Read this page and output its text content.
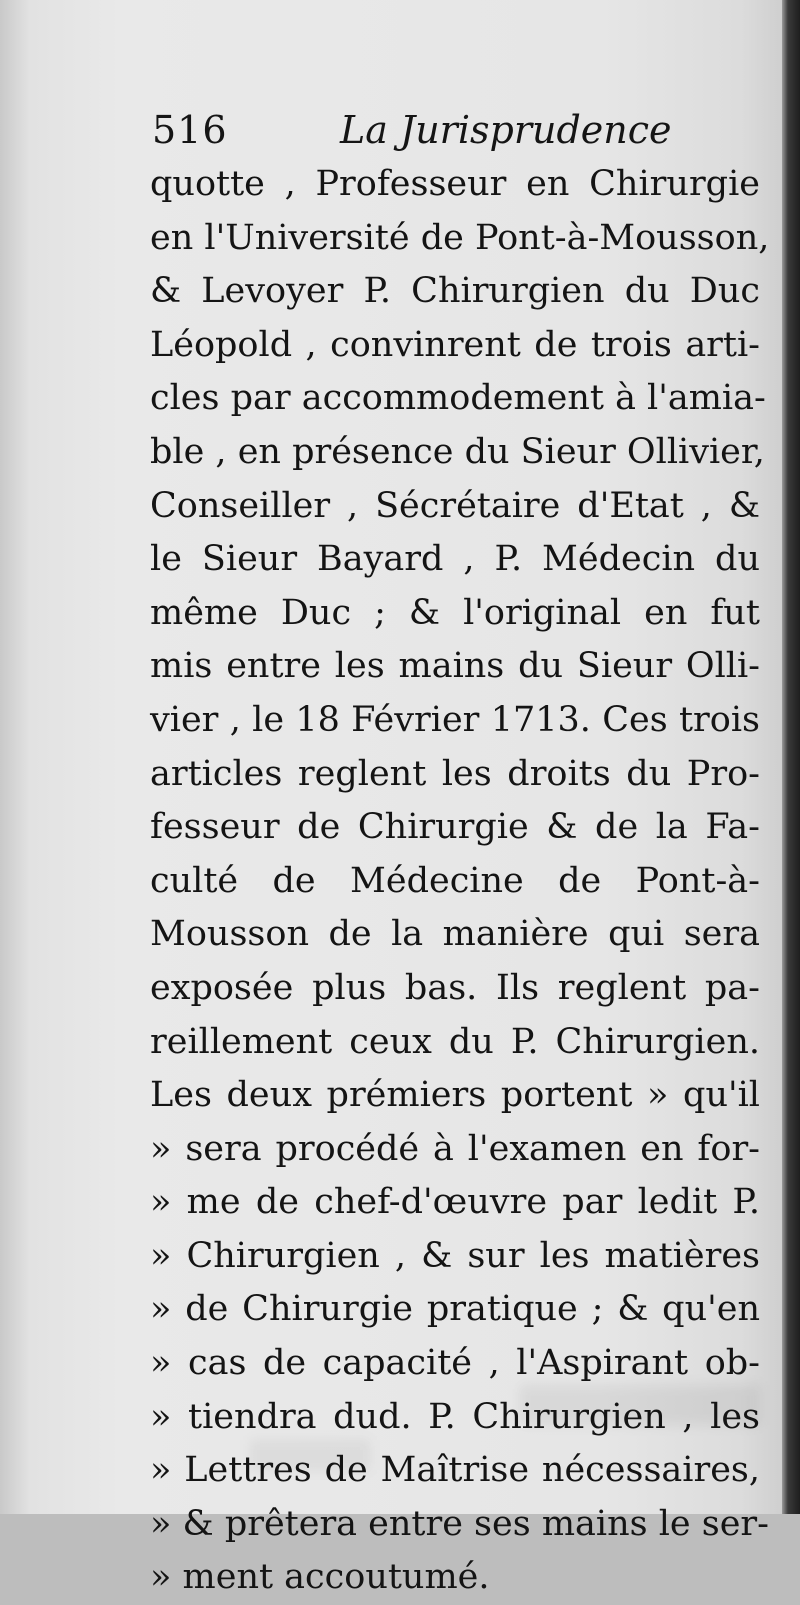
516	La Jurisprudence
quotte , Professeur en Chirurgie
en l'Université de Pont-à-Mousson,
& Levoyer P. Chirurgien du Duc
Léopold , convinrent de trois arti-
cles par accommodement à l'amia-
ble , en présence du Sieur Ollivier,
Conseiller , Sécrétaire d'Etat , &
le Sieur Bayard , P. Médecin du
même Duc ; & l'original en fut
mis entre les mains du Sieur Olli-
vier , le 18 Février 1713. Ces trois
articles reglent les droits du Pro-
fesseur de Chirurgie & de la Fa-
culté de Médecine de Pont-à-
Mousson de la manière qui sera
exposée plus bas. Ils reglent pa-
reillement ceux du P. Chirurgien.
Les deux prémiers portent » qu'il
» sera procédé à l'examen en for-
» me de chef-d'œuvre par ledit P.
» Chirurgien , & sur les matières
» de Chirurgie pratique ; & qu'en
» cas de capacité , l'Aspirant ob-
» tiendra dud. P. Chirurgien , les
» Lettres de Maîtrise nécessaires,
» & prêtera entre ses mains le ser-
» ment accoutumé.
